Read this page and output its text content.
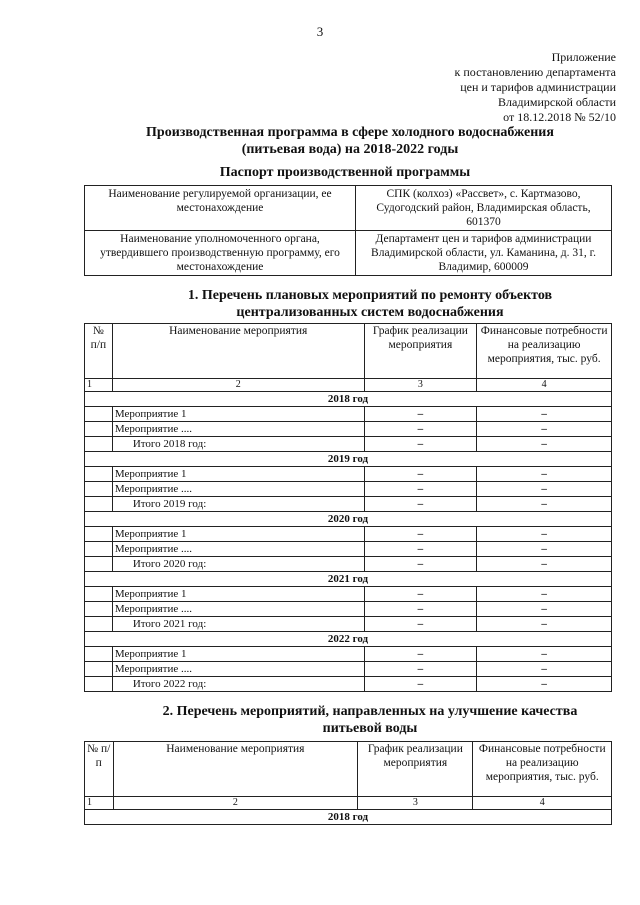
3
Приложение
к постановлению департамента
цен и тарифов администрации
Владимирской области
от 18.12.2018 № 52/10
Производственная программа в сфере холодного водоснабжения
(питьевая вода) на 2018-2022 годы
Паспорт производственной программы
Наименование регулируемой организации, ее местонахождение	СПК (колхоз) «Рассвет», с. Картмазово, Судогодский район, Владимирская область, 601370
Наименование уполномоченного органа, утвердившего производственную программу, его местонахождение	Департамент цен и тарифов администрации Владимирской области, ул. Каманина, д. 31, г. Владимир, 600009
1. Перечень плановых мероприятий по ремонту объектов
централизованных систем водоснабжения
№ п/п	Наименование мероприятия	График реализации мероприятия	Финансовые потребности на реализацию мероприятия, тыс. руб.
1	2	3	4
2018 год			
	Мероприятие 1	–	–
	Мероприятие ....	–	–
	Итого 2018 год:	–	–
2019 год			
	Мероприятие 1	–	–
	Мероприятие ....	–	–
	Итого 2019 год:	–	–
2020 год			
	Мероприятие 1	–	–
	Мероприятие ....	–	–
	Итого 2020 год:	–	–
2021 год			
	Мероприятие 1	–	–
	Мероприятие ....	–	–
	Итого 2021 год:	–	–
2022 год			
	Мероприятие 1	–	–
	Мероприятие ....	–	–
	Итого 2022 год:	–	–
2. Перечень мероприятий, направленных на улучшение качества
питьевой воды
№ п/п	Наименование мероприятия	График реализации мероприятия	Финансовые потребности на реализацию мероприятия, тыс. руб.
1	2	3	4
2018 год			
